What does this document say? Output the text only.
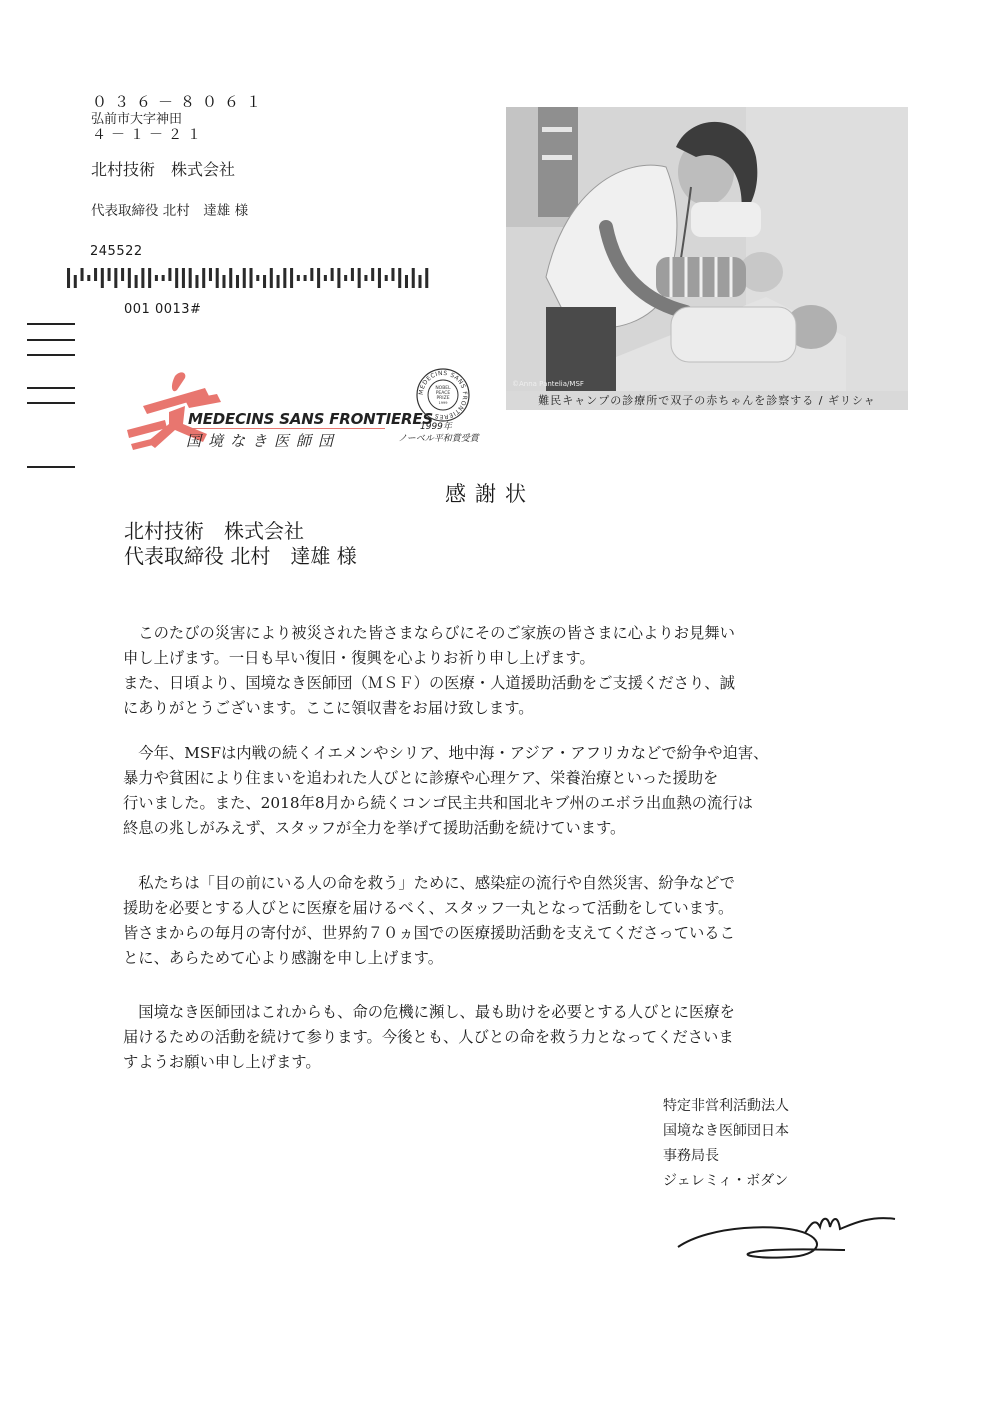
０３６－８０６１
弘前市大字神田
４－１－２１
北村技術　株式会社
代表取締役 北村　達雄 様
245522
001 0013#
©Anna Pantelia/MSF
難民キャンプの診療所で双子の赤ちゃんを診察する / ギリシャ
MEDECINS SANS FRONTIERES
国境なき医師団
MEDECINS SANS FRONTIERES
NOBEL
PEACE
PRIZE
1999
1999年
ノーベル平和賞受賞
感謝状
北村技術　株式会社
代表取締役 北村　達雄 様

　このたびの災害により被災された皆さまならびにそのご家族の皆さまに心よりお見舞い

申し上げます。一日も早い復旧・復興を心よりお祈り申し上げます。

また、日頃より、国境なき医師団（ＭＳＦ）の医療・人道援助活動をご支援くださり、誠

にありがとうございます。ここに領収書をお届け致します。

　今年、MSFは内戦の続くイエメンやシリア、地中海・アジア・アフリカなどで紛争や迫害、

暴力や貧困により住まいを追われた人びとに診療や心理ケア、栄養治療といった援助を

行いました。また、2018年8月から続くコンゴ民主共和国北キブ州のエボラ出血熱の流行は

終息の兆しがみえず、スタッフが全力を挙げて援助活動を続けています。

　私たちは「目の前にいる人の命を救う」ために、感染症の流行や自然災害、紛争などで

援助を必要とする人びとに医療を届けるべく、スタッフ一丸となって活動をしています。

皆さまからの毎月の寄付が、世界約７０ヵ国での医療援助活動を支えてくださっているこ

とに、あらためて心より感謝を申し上げます。

　国境なき医師団はこれからも、命の危機に瀕し、最も助けを必要とする人びとに医療を

届けるための活動を続けて参ります。今後とも、人びとの命を救う力となってくださいま

すようお願い申し上げます。

特定非営利活動法人
国境なき医師団日本
事務局長
ジェレミィ・ボダン
